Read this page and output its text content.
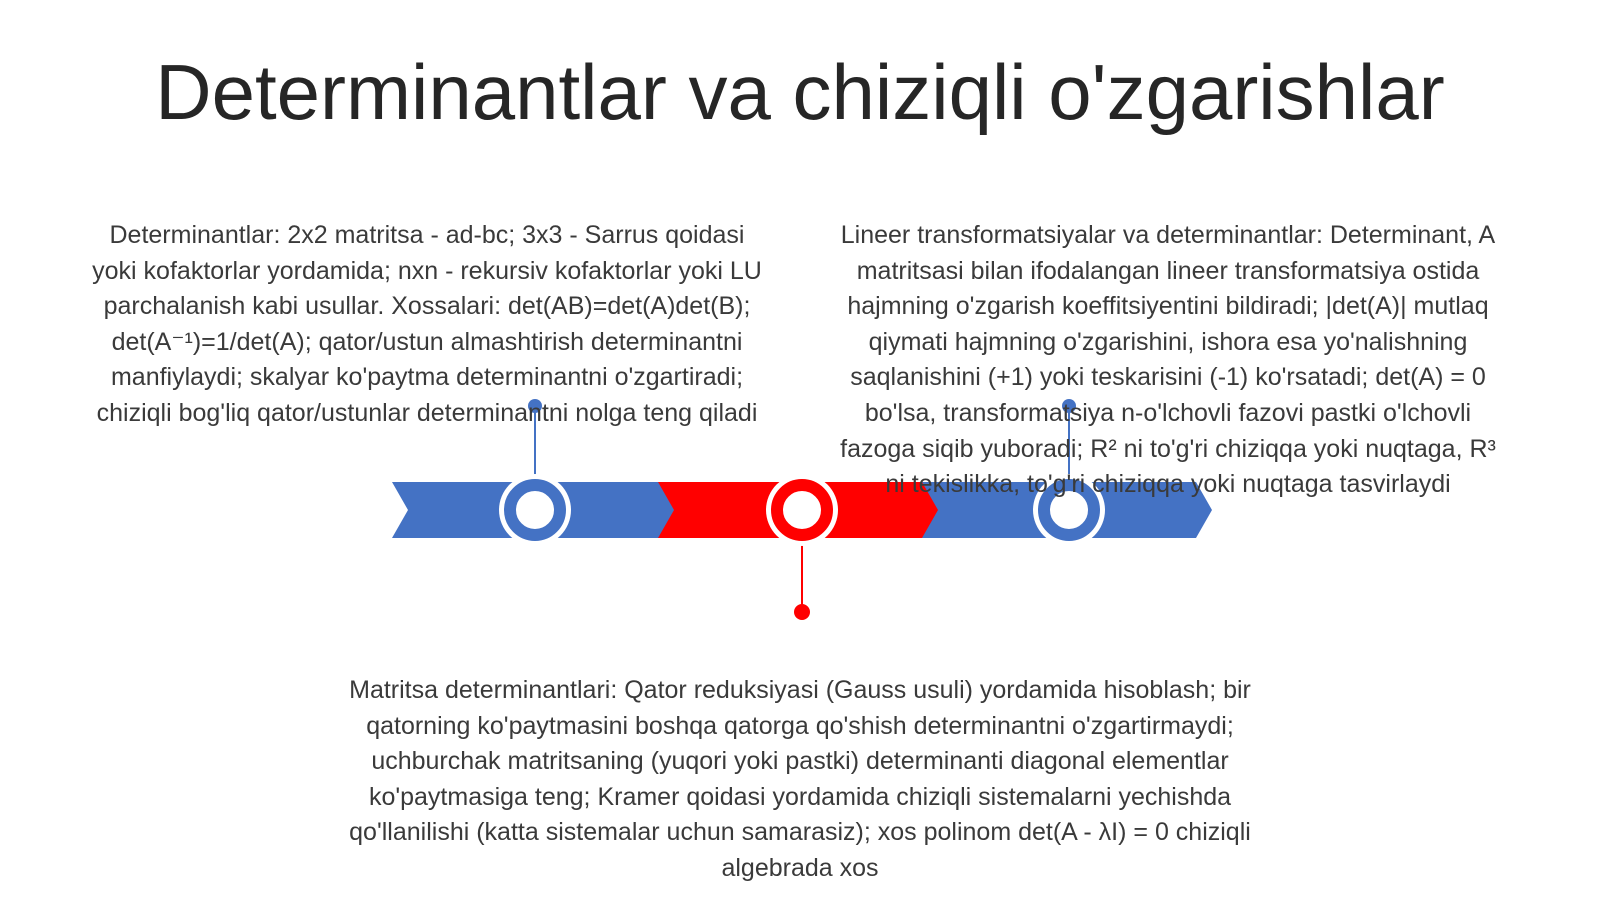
Determinantlar va chiziqli o'zgarishlar
Determinantlar: 2x2 matritsa - ad-bc; 3x3 - Sarrus qoidasi yoki kofaktorlar yordamida; nxn - rekursiv kofaktorlar yoki LU parchalanish kabi usullar. Xossalari: det(AB)=det(A)det(B); det(A⁻¹)=1/det(A); qator/ustun almashtirish determinantni manfiylaydi; skalyar ko'paytma determinantni o'zgartiradi; chiziqli bog'liq qator/ustunlar determinantni nolga teng qiladi
Lineer transformatsiyalar va determinantlar: Determinant, A matritsasi bilan ifodalangan lineer transformatsiya ostida hajmning o'zgarish koeffitsiyentini bildiradi; |det(A)| mutlaq qiymati hajmning o'zgarishini, ishora esa yo'nalishning saqlanishini (+1) yoki teskarisini (-1) ko'rsatadi; det(A) = 0 bo'lsa, transformatsiya n-o'lchovli fazovi pastki o'lchovli fazoga siqib yuboradi; R² ni to'g'ri chiziqqa yoki nuqtaga, R³ ni tekislikka, to'g'ri chiziqqa yoki nuqtaga tasvirlaydi
Matritsa determinantlari: Qator reduksiyasi (Gauss usuli) yordamida hisoblash; bir qatorning ko'paytmasini boshqa qatorga qo'shish determinantni o'zgartirmaydi; uchburchak matritsaning (yuqori yoki pastki) determinanti diagonal elementlar ko'paytmasiga teng; Kramer qoidasi yordamida chiziqli sistemalarni yechishda qo'llanilishi (katta sistemalar uchun samarasiz); xos polinom det(A - λI) = 0 chiziqli algebrada xos
